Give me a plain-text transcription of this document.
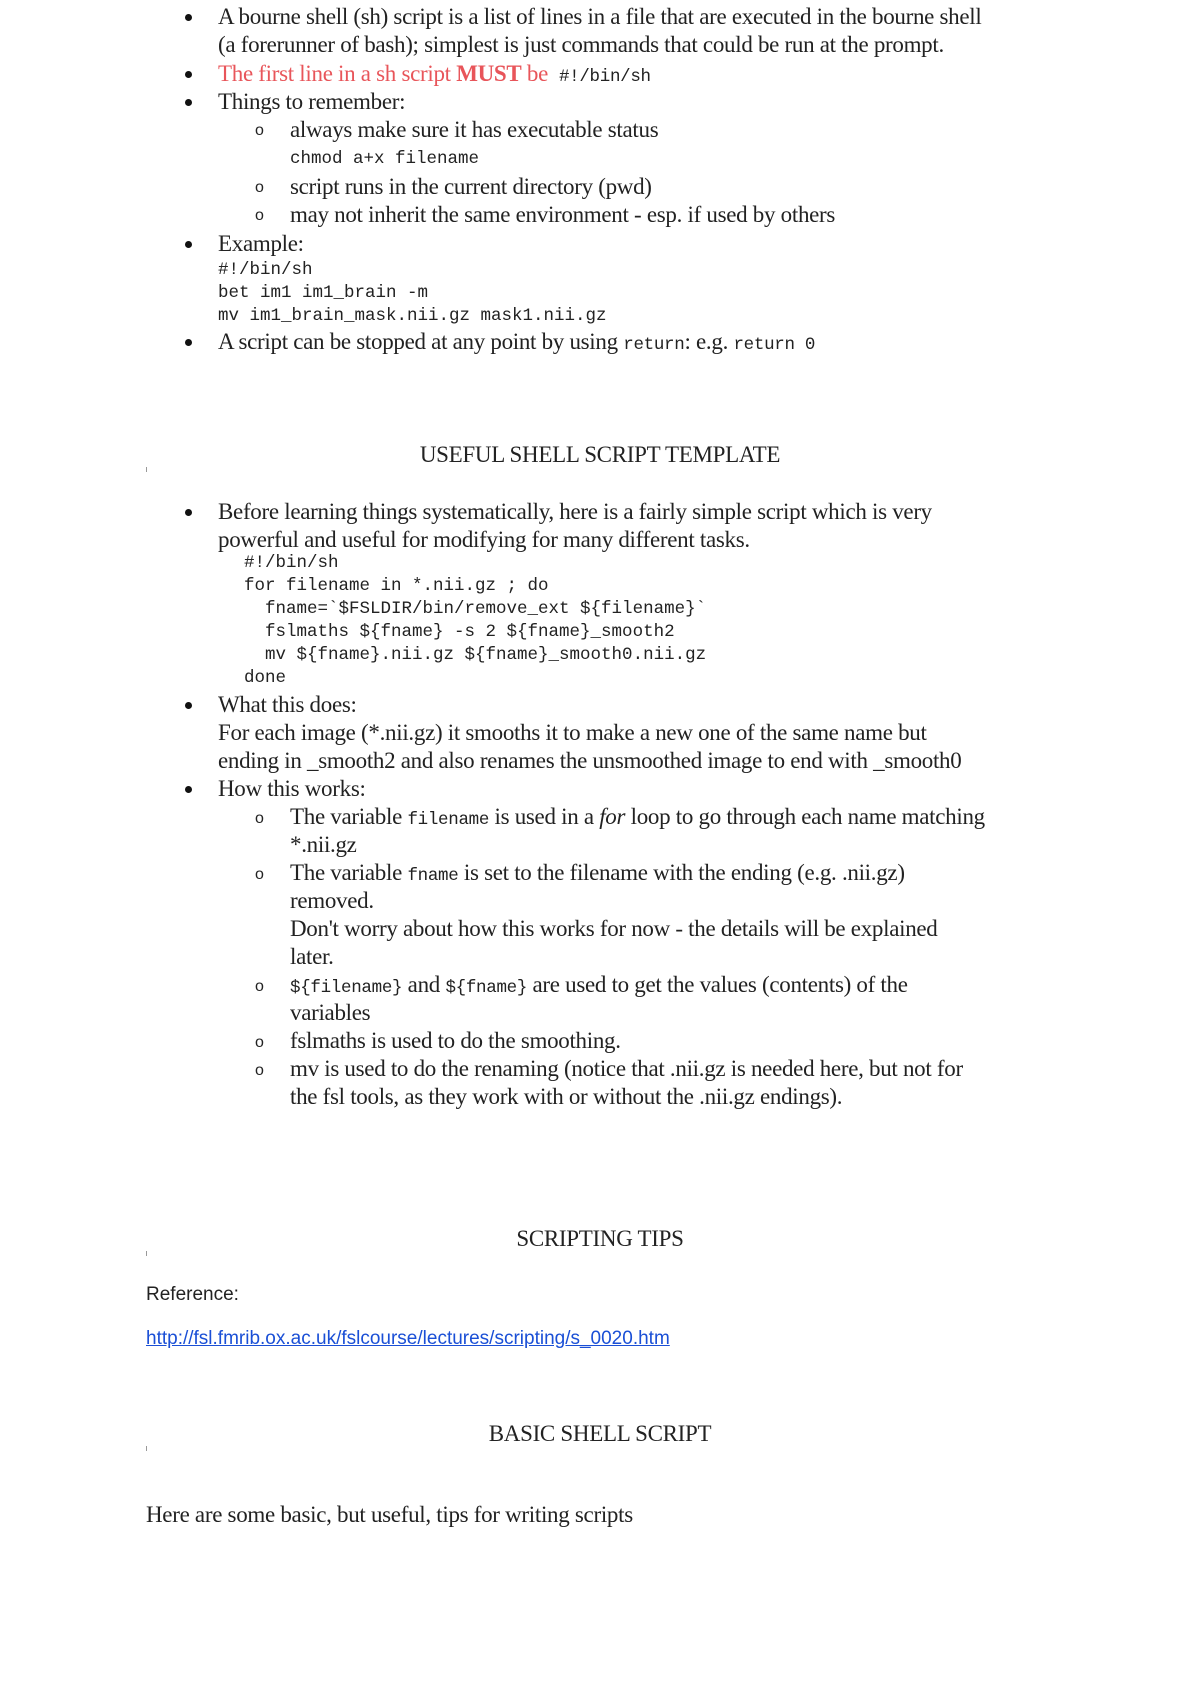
A bourne shell (sh) script is a list of lines in a file that are executed in the bourne shell
(a forerunner of bash); simplest is just commands that could be run at the prompt.
The first line in a sh script MUST be #!/bin/sh
Things to remember:
o always make sure it has executable status
chmod a+x filename
o script runs in the current directory (pwd)
o may not inherit the same environment - esp. if used by others
Example:
#!/bin/sh
bet im1 im1_brain -m
mv im1_brain_mask.nii.gz mask1.nii.gz
A script can be stopped at any point by using return: e.g. return 0
USEFUL SHELL SCRIPT TEMPLATE
Before learning things systematically, here is a fairly simple script which is very
powerful and useful for modifying for many different tasks.
#!/bin/sh
for filename in *.nii.gz ; do
fname=`$FSLDIR/bin/remove_ext ${filename}`
fslmaths ${fname} -s 2 ${fname}_smooth2
mv ${fname}.nii.gz ${fname}_smooth0.nii.gz
done
What this does:
For each image (*.nii.gz) it smooths it to make a new one of the same name but
ending in _smooth2 and also renames the unsmoothed image to end with _smooth0
How this works:
o The variable filename is used in a for loop to go through each name matching
*.nii.gz
o The variable fname is set to the filename with the ending (e.g. .nii.gz)
removed.
Don't worry about how this works for now - the details will be explained
later.
o ${filename} and ${fname} are used to get the values (contents) of the
variables
o fslmaths is used to do the smoothing.
o mv is used to do the renaming (notice that .nii.gz is needed here, but not for
the fsl tools, as they work with or without the .nii.gz endings).
SCRIPTING TIPS
Reference:
http://fsl.fmrib.ox.ac.uk/fslcourse/lectures/scripting/s_0020.htm
BASIC SHELL SCRIPT
Here are some basic, but useful, tips for writing scripts
